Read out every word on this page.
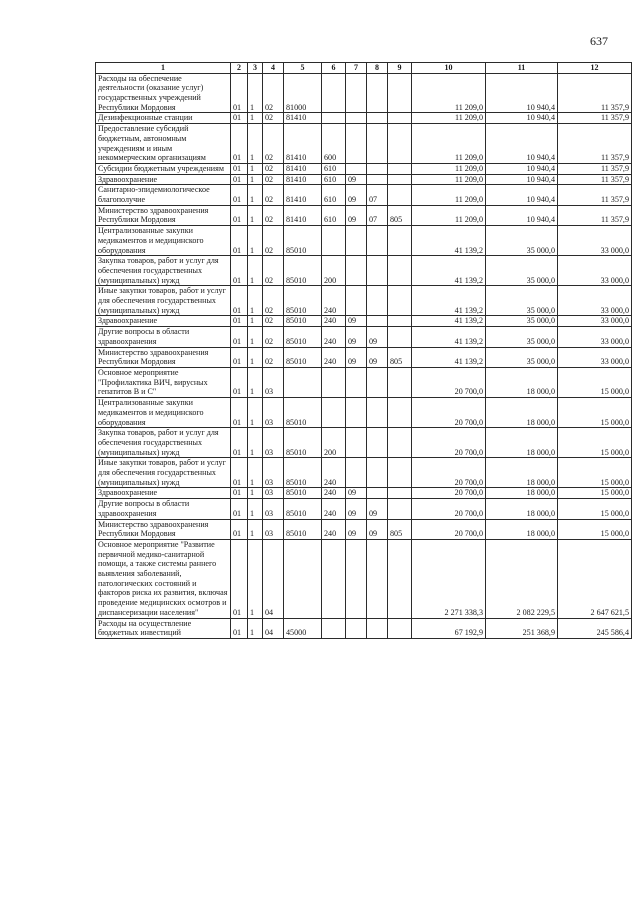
637
1	2	3	4	5	6	7	8	9	10	11	12
Расходы на обеспечение деятельности (оказание услуг) государственных учреждений Республики Мордовия	01	1	02	81000					11 209,0	10 940,4	11 357,9
Дезинфекционные станции	01	1	02	81410					11 209,0	10 940,4	11 357,9
Предоставление субсидий бюджетным, автономным учреждениям и иным некоммерческим организациям	01	1	02	81410	600				11 209,0	10 940,4	11 357,9
Субсидии бюджетным учреждениям	01	1	02	81410	610				11 209,0	10 940,4	11 357,9
Здравоохранение	01	1	02	81410	610	09			11 209,0	10 940,4	11 357,9
Санитарно-эпидемиологическое благополучие	01	1	02	81410	610	09	07		11 209,0	10 940,4	11 357,9
Министерство здравоохранения Республики Мордовия	01	1	02	81410	610	09	07	805	11 209,0	10 940,4	11 357,9
Централизованные закупки медикаментов и медицинского оборудования	01	1	02	85010					41 139,2	35 000,0	33 000,0
Закупка товаров, работ и услуг для обеспечения государственных (муниципальных) нужд	01	1	02	85010	200				41 139,2	35 000,0	33 000,0
Иные закупки товаров, работ и услуг для обеспечения государственных (муниципальных) нужд	01	1	02	85010	240				41 139,2	35 000,0	33 000,0
Здравоохранение	01	1	02	85010	240	09			41 139,2	35 000,0	33 000,0
Другие вопросы в области здравоохранения	01	1	02	85010	240	09	09		41 139,2	35 000,0	33 000,0
Министерство здравоохранения Республики Мордовия	01	1	02	85010	240	09	09	805	41 139,2	35 000,0	33 000,0
Основное мероприятие "Профилактика ВИЧ, вирусных гепатитов В и С"	01	1	03						20 700,0	18 000,0	15 000,0
Централизованные закупки медикаментов и медицинского оборудования	01	1	03	85010					20 700,0	18 000,0	15 000,0
Закупка товаров, работ и услуг для обеспечения государственных (муниципальных) нужд	01	1	03	85010	200				20 700,0	18 000,0	15 000,0
Иные закупки товаров, работ и услуг для обеспечения государственных (муниципальных) нужд	01	1	03	85010	240				20 700,0	18 000,0	15 000,0
Здравоохранение	01	1	03	85010	240	09			20 700,0	18 000,0	15 000,0
Другие вопросы в области здравоохранения	01	1	03	85010	240	09	09		20 700,0	18 000,0	15 000,0
Министерство здравоохранения Республики Мордовия	01	1	03	85010	240	09	09	805	20 700,0	18 000,0	15 000,0
Основное мероприятие "Развитие первичной медико-санитарной помощи, а также системы раннего выявления заболеваний, патологических состояний и факторов риска их развития, включая проведение медицинских осмотров и диспансеризации населения"	01	1	04						2 271 338,3	2 082 229,5	2 647 621,5
Расходы на осуществление бюджетных инвестиций	01	1	04	45000					67 192,9	251 368,9	245 586,4
